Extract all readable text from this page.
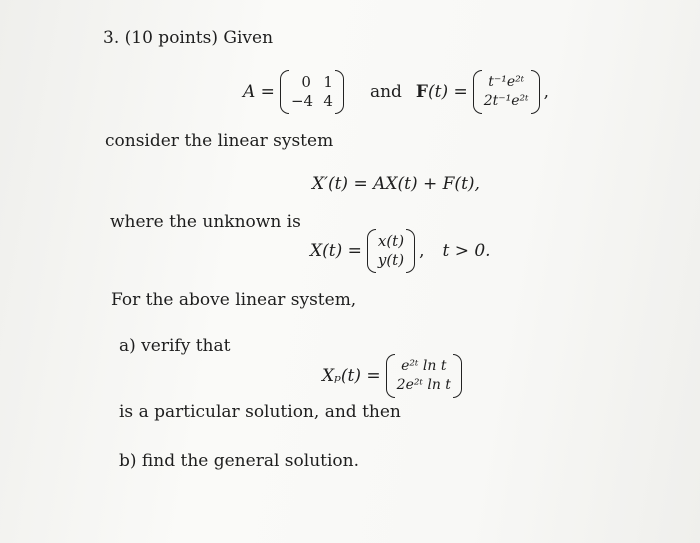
3. (10 points) Given
A =	0 1
−4 4 and F (t) =	t⁻¹e²ᵗ
2t⁻¹e²ᵗ ,
consider the linear system
X′(t) = AX(t) + F(t),
where the unknown is
X(t) = x(t)
y(t) , t > 0.
For the above linear system,
a) verify that
Xₚ(t) =	e²ᵗ ln t
2e²ᵗ ln t
is a particular solution, and then
b) find the general solution.
